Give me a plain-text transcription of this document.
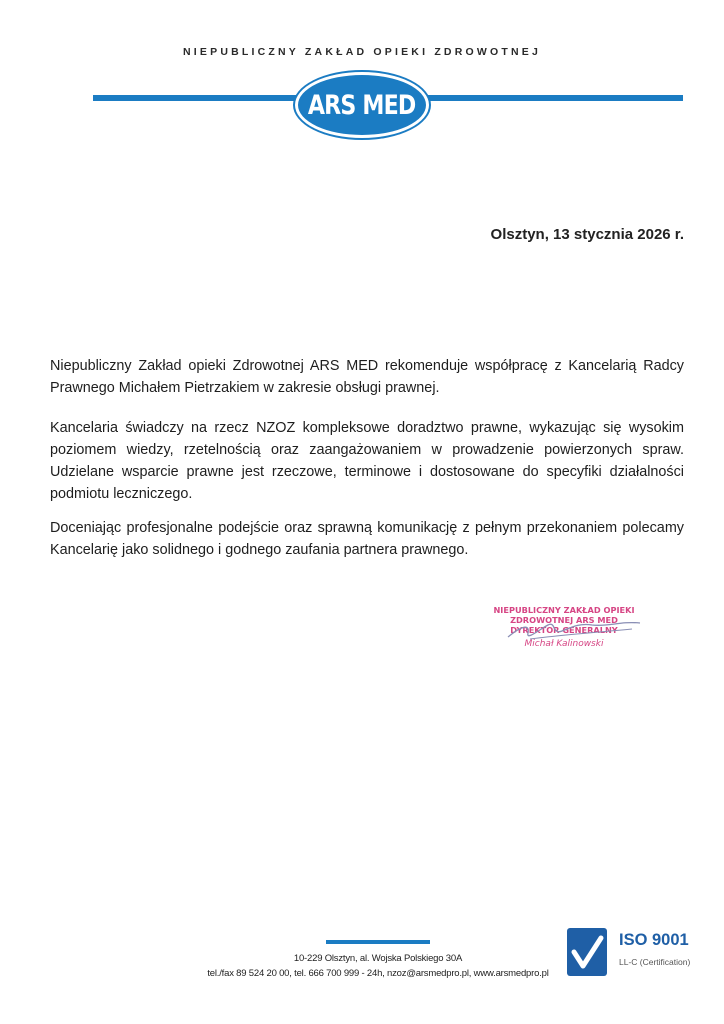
NIEPUBLICZNY ZAKŁAD OPIEKI ZDROWOTNEJ
ARS MED
Olsztyn, 13 stycznia 2026 r.

Niepubliczny Zakład opieki Zdrowotnej ARS MED rekomenduje współpracę z Kancelarią Radcy Prawnego Michałem Pietrzakiem w zakresie obsługi prawnej.

Kancelaria świadczy na rzecz NZOZ kompleksowe doradztwo prawne, wykazując się wysokim poziomem wiedzy, rzetelnością oraz zaangażowaniem w prowadzenie powierzonych spraw. Udzielane wsparcie prawne jest rzeczowe, terminowe i dostosowane do specyfiki działalności podmiotu leczniczego.

Doceniając profesjonalne podejście oraz sprawną komunikację z pełnym przekonaniem polecamy Kancelarię jako solidnego i godnego zaufania partnera prawnego.

NIEPUBLICZNY ZAKŁAD OPIEKI
ZDROWOTNEJ ARS MED
DYREKTOR GENERALNY
Michał Kalinowski
10-229 Olsztyn, al. Wojska Polskiego 30A
tel./fax 89 524 20 00, tel. 666 700 999 - 24h, nzoz@arsmedpro.pl, www.arsmedpro.pl
ISO 9001
LL-C (Certification)
